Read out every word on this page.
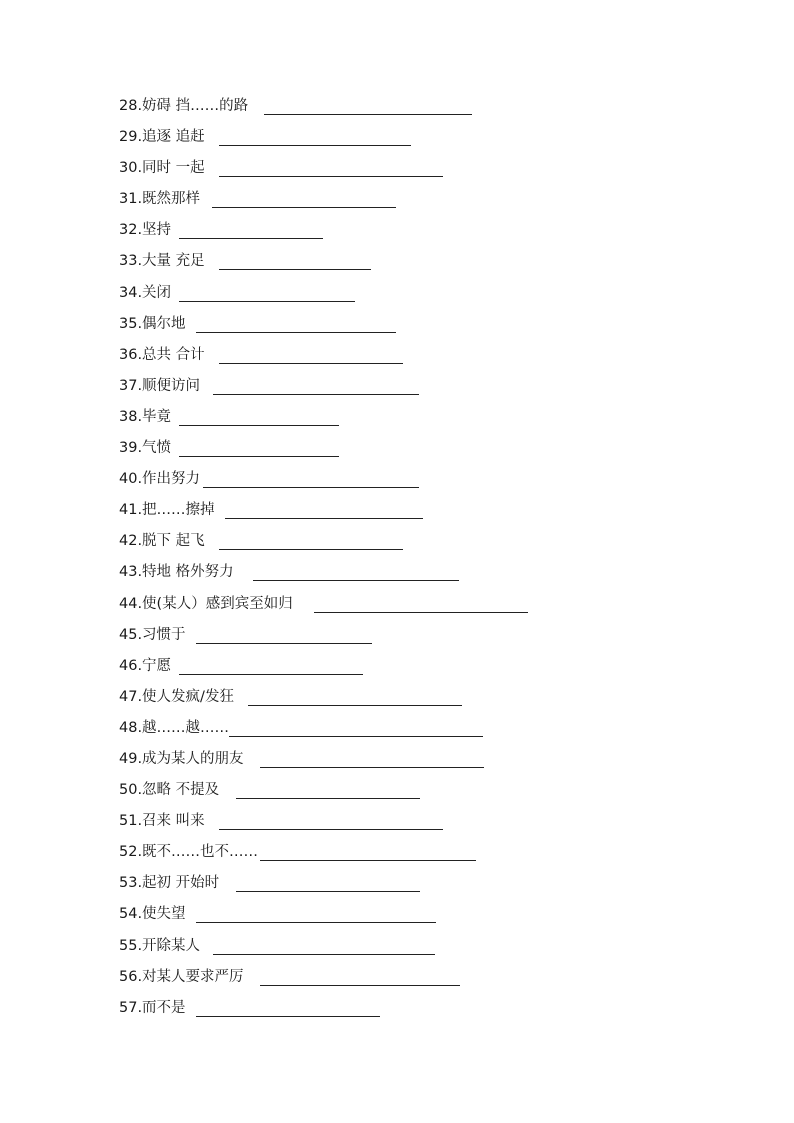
28.妨碍 挡……的路
29.追逐 追赶
30.同时 一起
31.既然那样
32.坚持
33.大量 充足
34.关闭
35.偶尔地
36.总共 合计
37.顺便访问
38.毕竟
39.气愤
40.作出努力
41.把……擦掉
42.脱下 起飞
43.特地 格外努力
44.使(某人）感到宾至如归
45.习惯于
46.宁愿
47.使人发疯/发狂
48.越……越……
49.成为某人的朋友
50.忽略 不提及
51.召来 叫来
52.既不……也不……
53.起初 开始时
54.使失望
55.开除某人
56.对某人要求严厉
57.而不是
